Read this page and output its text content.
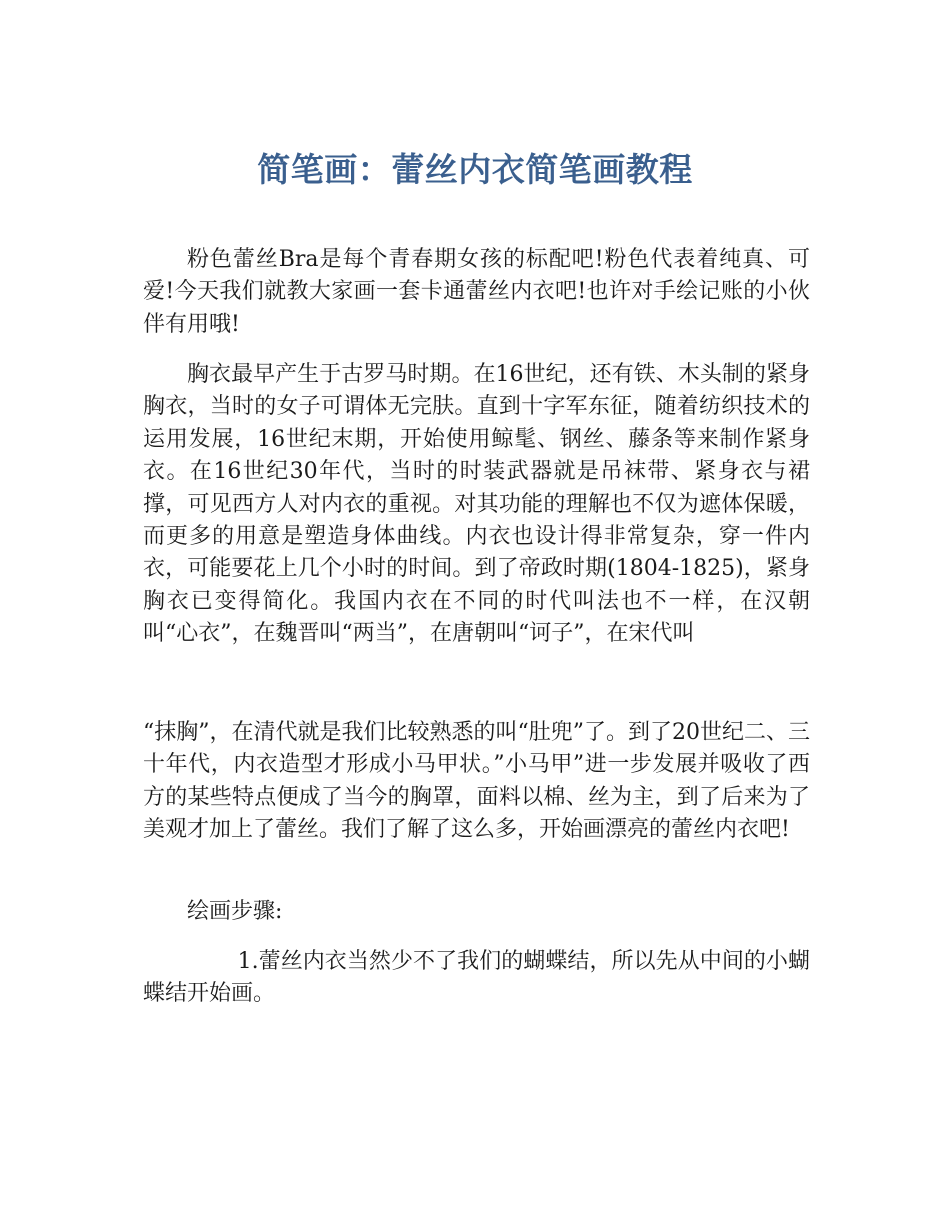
简笔画：蕾丝内衣简笔画教程

粉色蕾丝Bra是每个青春期女孩的标配吧!粉色代表着纯真、可爱!今天我们就教大家画一套卡通蕾丝内衣吧!也许对手绘记账的小伙伴有用哦!

胸衣最早产生于古罗马时期。在16世纪，还有铁、木头制的紧身胸衣，当时的女子可谓体无完肤。直到十字军东征，随着纺织技术的运用发展，16世纪末期，开始使用鲸髦、钢丝、藤条等来制作紧身衣。在16世纪30年代，当时的时装武器就是吊袜带、紧身衣与裙撑，可见西方人对内衣的重视。对其功能的理解也不仅为遮体保暖，而更多的用意是塑造身体曲线。内衣也设计得非常复杂，穿一件内衣，可能要花上几个小时的时间。到了帝政时期(1804-1825)，紧身胸衣已变得简化。我国内衣在不同的时代叫法也不一样，在汉朝叫“心衣”，在魏晋叫“两当”，在唐朝叫“诃子”，在宋代叫

“抹胸”，在清代就是我们比较熟悉的叫“肚兜”了。到了20世纪二、三十年代，内衣造型才形成小马甲状。”小马甲”进一步发展并吸收了西方的某些特点便成了当今的胸罩，面料以棉、丝为主，到了后来为了美观才加上了蕾丝。我们了解了这么多，开始画漂亮的蕾丝内衣吧!

绘画步骤:

1.蕾丝内衣当然少不了我们的蝴蝶结，所以先从中间的小蝴蝶结开始画。
